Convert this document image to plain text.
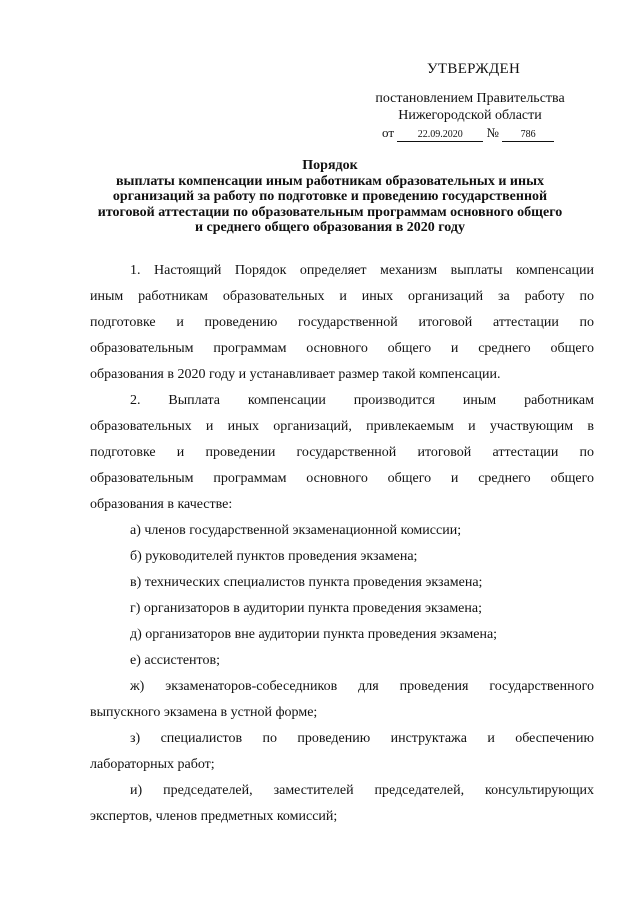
УТВЕРЖДЕН
постановлением Правительства
Нижегородской области
от 22.09.2020 № 786
Порядок
выплаты компенсации иным работникам образовательных и иных
организаций за работу по подготовке и проведению государственной
итоговой аттестации по образовательным программам основного общего
и среднего общего образования в 2020 году
1. Настоящий Порядок определяет механизм выплаты компенсации
иным работникам образовательных и иных организаций за работу по
подготовке и проведению государственной итоговой аттестации по
образовательным программам основного общего и среднего общего
образования в 2020 году и устанавливает размер такой компенсации.
2. Выплата компенсации производится иным работникам
образовательных и иных организаций, привлекаемым и участвующим в
подготовке и проведении государственной итоговой аттестации по
образовательным программам основного общего и среднего общего
образования в качестве:
а) членов государственной экзаменационной комиссии;
б) руководителей пунктов проведения экзамена;
в) технических специалистов пункта проведения экзамена;
г) организаторов в аудитории пункта проведения экзамена;
д) организаторов вне аудитории пункта проведения экзамена;
е) ассистентов;
ж) экзаменаторов-собеседников для проведения государственного
выпускного экзамена в устной форме;
з) специалистов по проведению инструктажа и обеспечению
лабораторных работ;
и) председателей, заместителей председателей, консультирующих
экспертов, членов предметных комиссий;
